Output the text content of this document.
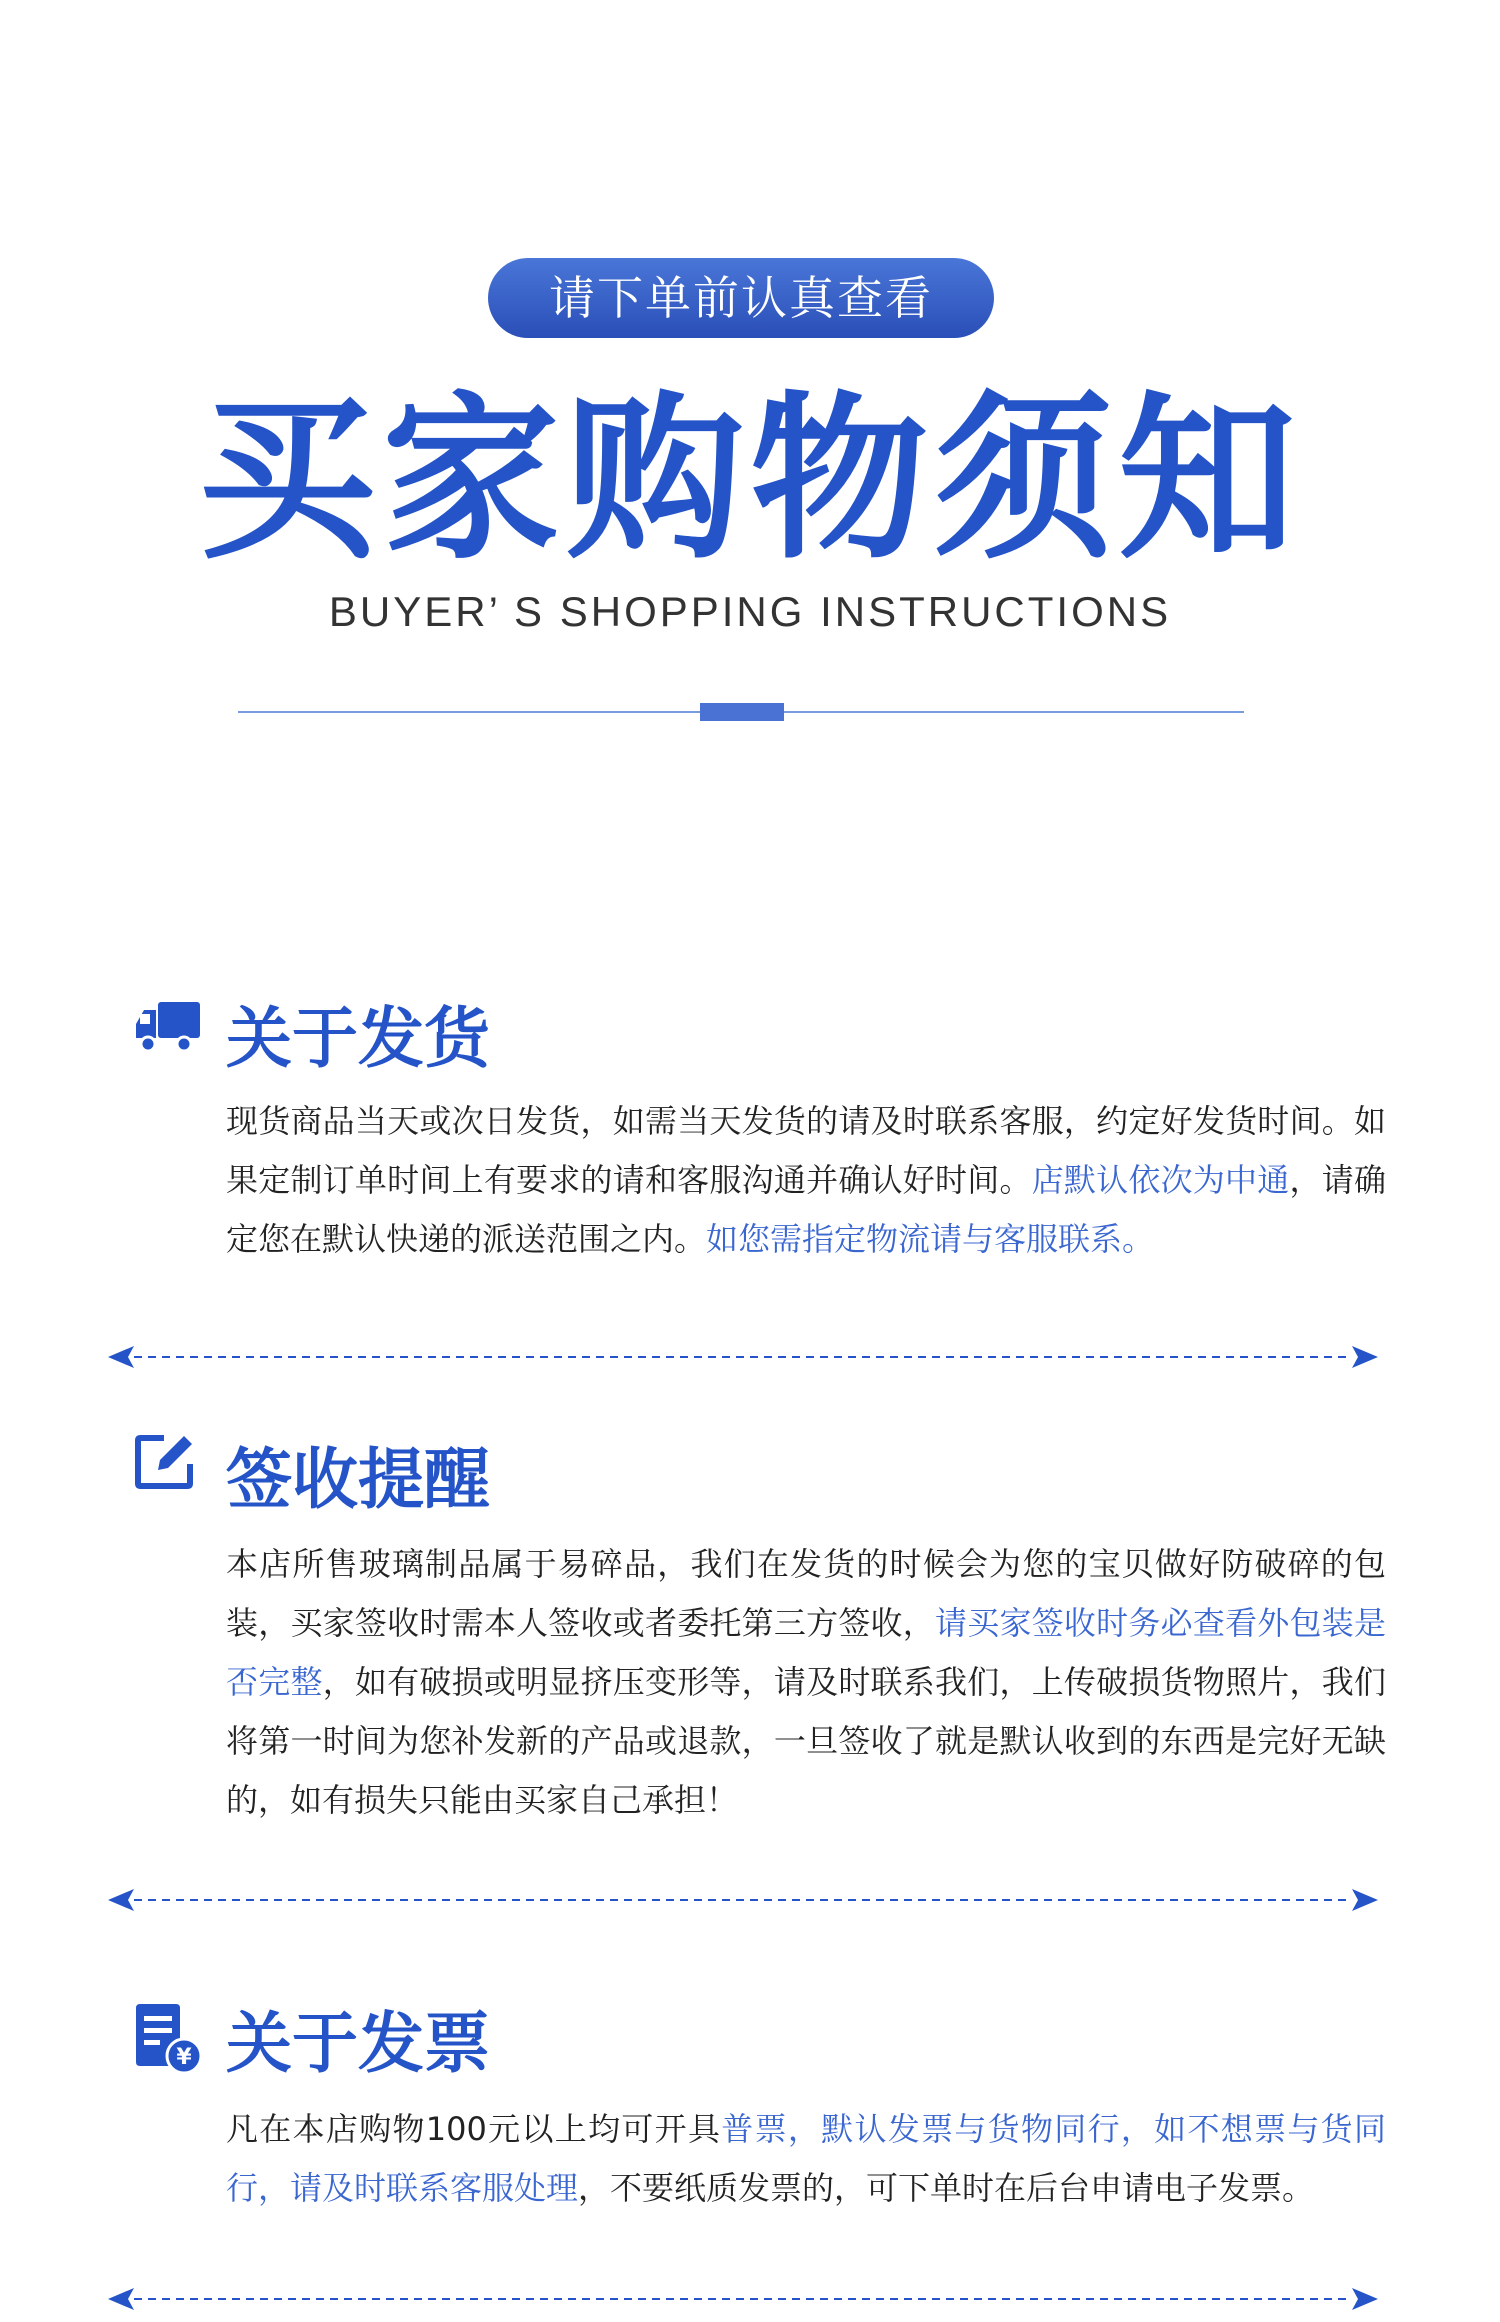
请下单前认真查看
买家购物须知
BUYER’ S SHOPPING INSTRUCTIONS
关于发货
现货商品当天或次日发货，如需当天发货的请及时联系客服，约定好发货时间。如果定制订单时间上有要求的请和客服沟通并确认好时间。店默认依次为中通，请确定您在默认快递的派送范围之内。如您需指定物流请与客服联系。
签收提醒
本店所售玻璃制品属于易碎品，我们在发货的时候会为您的宝贝做好防破碎的包装，买家签收时需本人签收或者委托第三方签收，请买家签收时务必查看外包装是否完整，如有破损或明显挤压变形等，请及时联系我们，上传破损货物照片，我们将第一时间为您补发新的产品或退款，一旦签收了就是默认收到的东西是完好无缺的，如有损失只能由买家自己承担！
¥ 关于发票
凡在本店购物100元以上均可开具普票，默认发票与货物同行，如不想票与货同行，请及时联系客服处理，不要纸质发票的，可下单时在后台申请电子发票。
